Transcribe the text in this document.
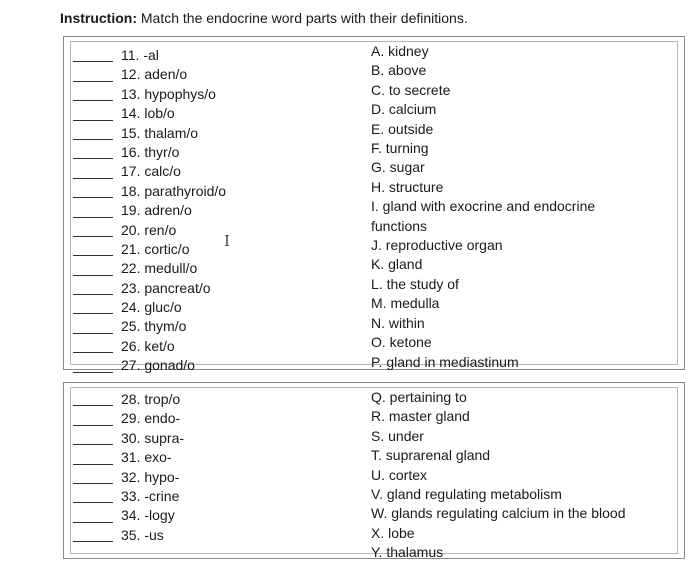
Instruction: Match the endocrine word parts with their definitions.
11. -al
12. aden/o
13. hypophys/o
14. lob/o
15. thalam/o
16. thyr/o
17. calc/o
18. parathyroid/o
19. adren/o
20. ren/o
21. cortic/o
22. medull/o
23. pancreat/o
24. gluc/o
25. thym/o
26. ket/o
27. gonad/o
A. kidney
B. above
C. to secrete
D. calcium
E. outside
F. turning
G. sugar
H. structure
I. gland with exocrine and endocrine
functions
J. reproductive organ
K. gland
L. the study of
M. medulla
N. within
O. ketone
P. gland in mediastinum
28. trop/o
29. endo-
30. supra-
31. exo-
32. hypo-
33. -crine
34. -logy
35. -us
Q. pertaining to
R. master gland
S. under
T. suprarenal gland
U. cortex
V. gland regulating metabolism
W. glands regulating calcium in the blood
X. lobe
Y. thalamus
I
